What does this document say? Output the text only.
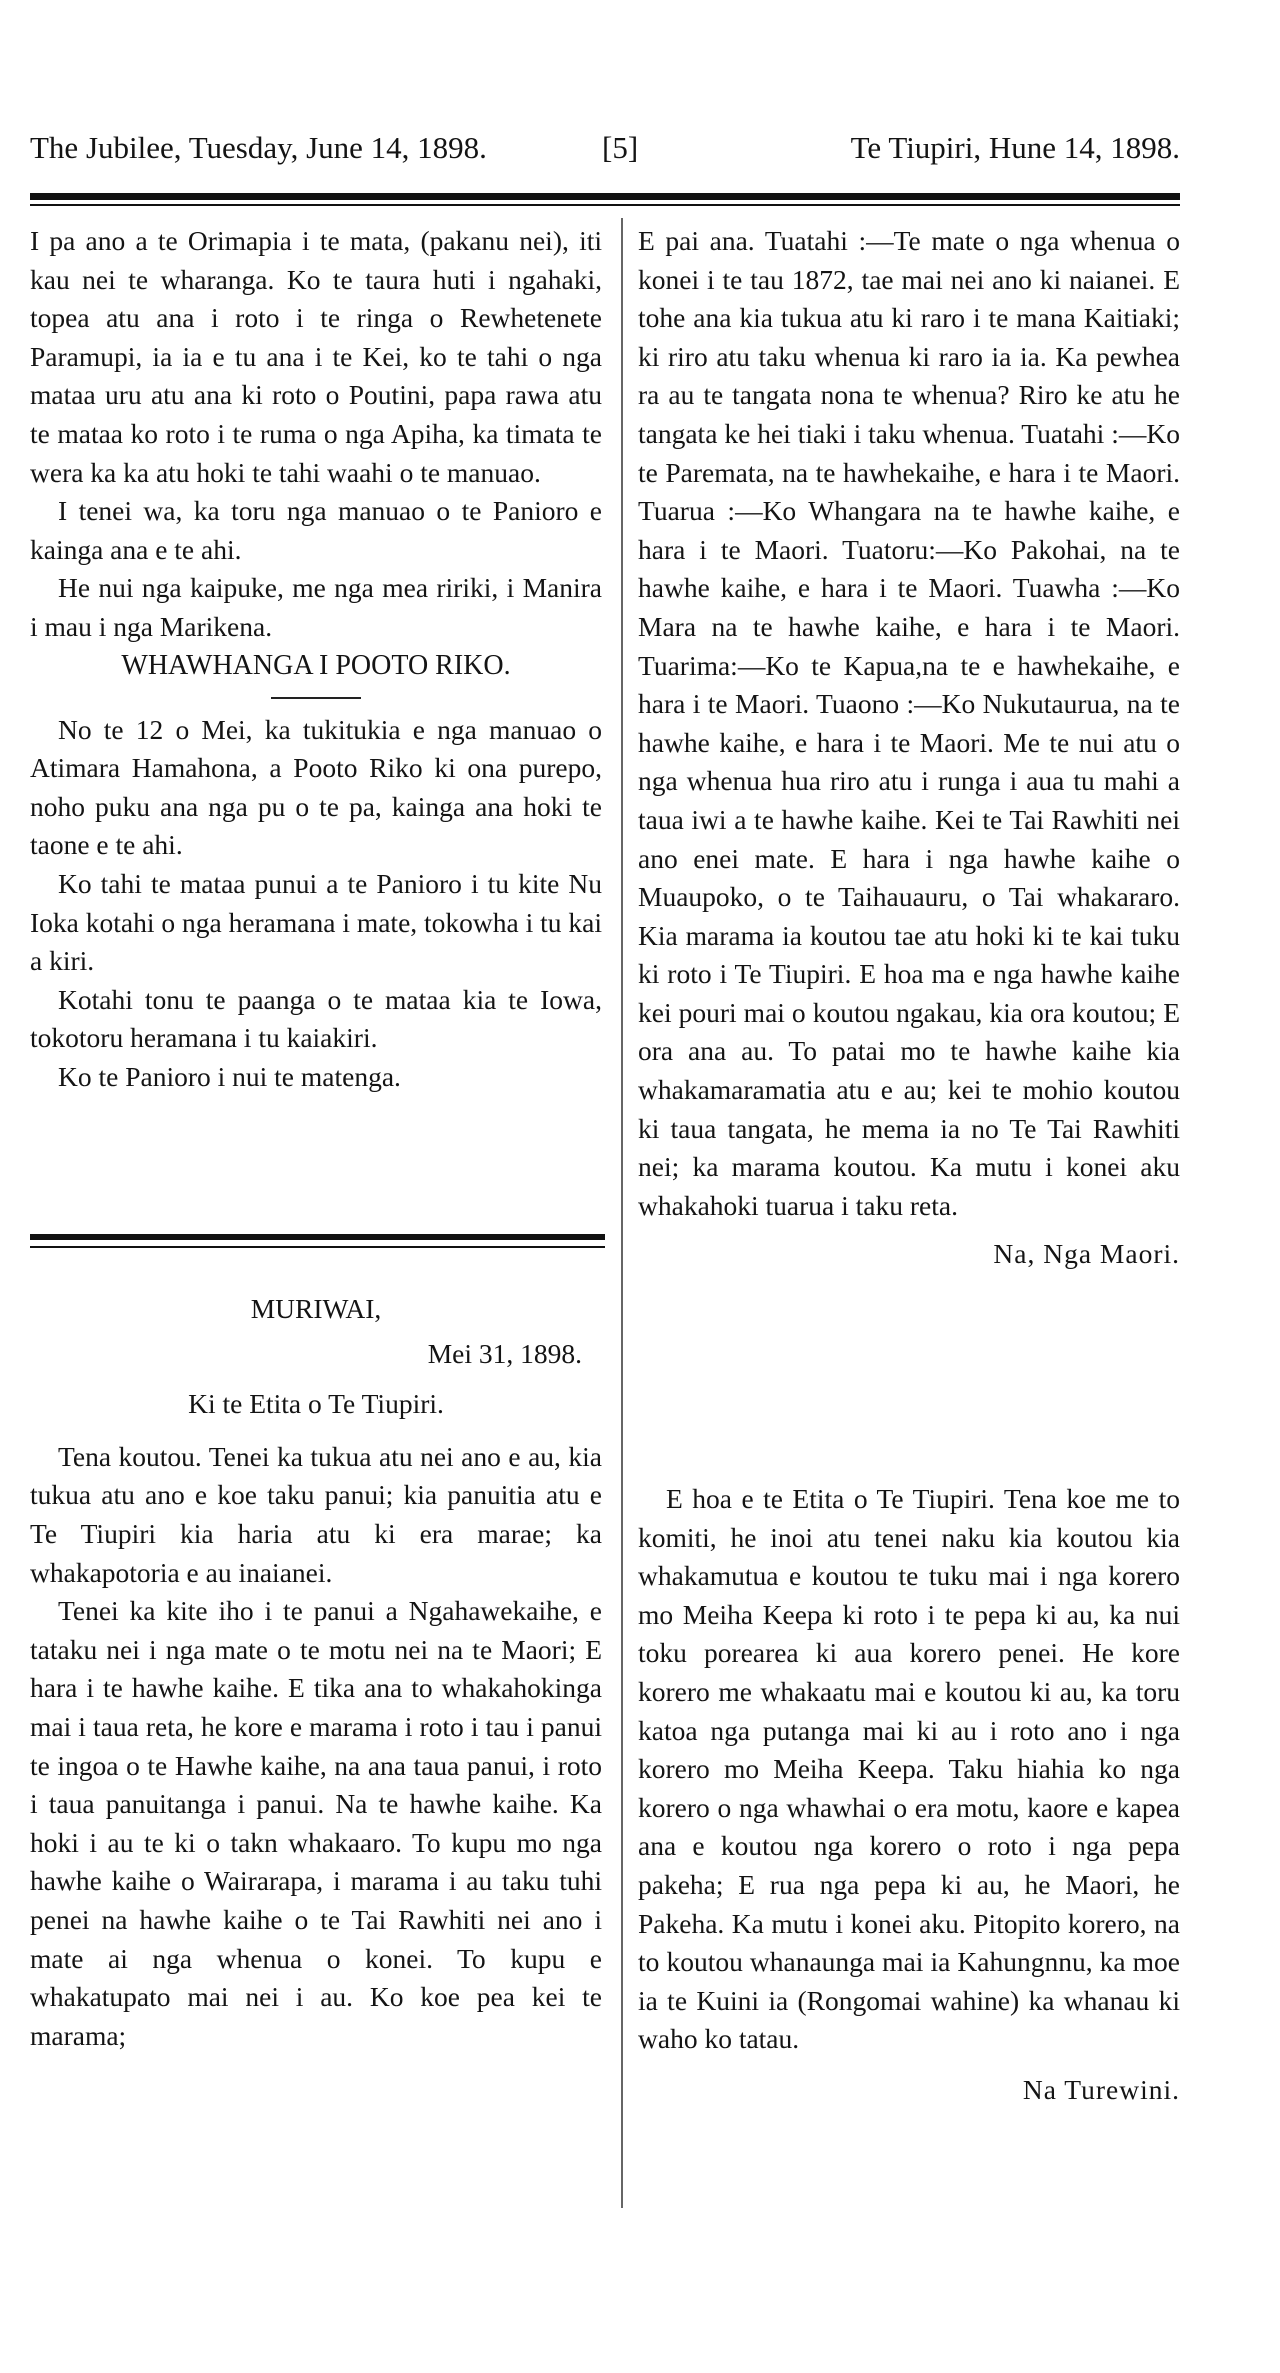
The Jubilee, Tuesday, June 14, 1898.	[5]	Te Tiupiri, Hune 14, 1898.

I pa ano a te Orimapia i te mata, (pakanu nei), iti kau nei te wharanga. Ko te taura huti i ngahaki, topea atu ana i roto i te ringa o Rewhetenete Paramupi, ia ia e tu ana i te Kei, ko te tahi o nga mataa uru atu ana ki roto o Poutini, papa rawa atu te mataa ko roto i te ruma o nga Apiha, ka timata te wera ka ka atu hoki te tahi waahi o te manuao.

I tenei wa, ka toru nga manuao o te Panioro e kainga ana e te ahi.

He nui nga kaipuke, me nga mea ririki, i Manira i mau i nga Marikena.

WHAWHANGA I POOTO RIKO.

No te 12 o Mei, ka tukitukia e nga manuao o Atimara Hamahona, a Pooto Riko ki ona purepo, noho puku ana nga pu o te pa, kainga ana hoki te taone e te ahi.

Ko tahi te mataa punui a te Panioro i tu kite Nu Ioka kotahi o nga heramana i mate, tokowha i tu kai a kiri.

Kotahi tonu te paanga o te mataa kia te Iowa, tokotoru heramana i tu kaiakiri.

Ko te Panioro i nui te matenga.

E pai ana. Tuatahi :—Te mate o nga whenua o konei i te tau 1872, tae mai nei ano ki naianei. E tohe ana kia tukua atu ki raro i te mana Kaitiaki; ki riro atu taku whenua ki raro ia ia. Ka pewhea ra au te tangata nona te whenua? Riro ke atu he tangata ke hei tiaki i taku whenua. Tuatahi :—Ko te Paremata, na te hawhekaihe, e hara i te Maori. Tuarua :—Ko Whangara na te hawhe kaihe, e hara i te Maori. Tuatoru:—Ko Pakohai, na te hawhe kaihe, e hara i te Maori. Tuawha :—Ko Mara na te hawhe kaihe, e hara i te Maori. Tuarima:—Ko te Kapua,na te e hawhekaihe, e hara i te Maori. Tuaono :—Ko Nukutaurua, na te hawhe kaihe, e hara i te Maori. Me te nui atu o nga whenua hua riro atu i runga i aua tu mahi a taua iwi a te hawhe kaihe. Kei te Tai Rawhiti nei ano enei mate. E hara i nga hawhe kaihe o Muaupoko, o te Taihauauru, o Tai whakararo. Kia marama ia koutou tae atu hoki ki te kai tuku ki roto i Te Tiupiri. E hoa ma e nga hawhe kaihe kei pouri mai o koutou ngakau, kia ora koutou; E ora ana au. To patai mo te hawhe kaihe kia whakamaramatia atu e au; kei te mohio koutou ki taua tangata, he mema ia no Te Tai Rawhiti nei; ka marama koutou. Ka mutu i konei aku whakahoki tuarua i taku reta.

Na, Nga Maori.

MURIWAI,

Mei 31, 1898.

Ki te Etita o Te Tiupiri.

Tena koutou. Tenei ka tukua atu nei ano e au, kia tukua atu ano e koe taku panui; kia panuitia atu e Te Tiupiri kia haria atu ki era marae; ka whakapotoria e au inaianei.

Tenei ka kite iho i te panui a Ngahawekaihe, e tataku nei i nga mate o te motu nei na te Maori; E hara i te hawhe kaihe. E tika ana to whakahokinga mai i taua reta, he kore e marama i roto i tau i panui te ingoa o te Hawhe kaihe, na ana taua panui, i roto i taua panuitanga i panui. Na te hawhe kaihe. Ka hoki i au te ki o takn whakaaro. To kupu mo nga hawhe kaihe o Wairarapa, i marama i au taku tuhi penei na hawhe kaihe o te Tai Rawhiti nei ano i mate ai nga whenua o konei. To kupu e whakatupato mai nei i au. Ko koe pea kei te marama;

E hoa e te Etita o Te Tiupiri. Tena koe me to komiti, he inoi atu tenei naku kia koutou kia whakamutua e koutou te tuku mai i nga korero mo Meiha Keepa ki roto i te pepa ki au, ka nui toku porearea ki aua korero penei. He kore korero me whakaatu mai e koutou ki au, ka toru katoa nga putanga mai ki au i roto ano i nga korero mo Meiha Keepa. Taku hiahia ko nga korero o nga whawhai o era motu, kaore e kapea ana e koutou nga korero o roto i nga pepa pakeha; E rua nga pepa ki au, he Maori, he Pakeha. Ka mutu i konei aku. Pitopito korero, na to koutou whanaunga mai ia Kahungnnu, ka moe ia te Kuini ia (Rongomai wahine) ka whanau ki waho ko tatau.

Na Turewini.
